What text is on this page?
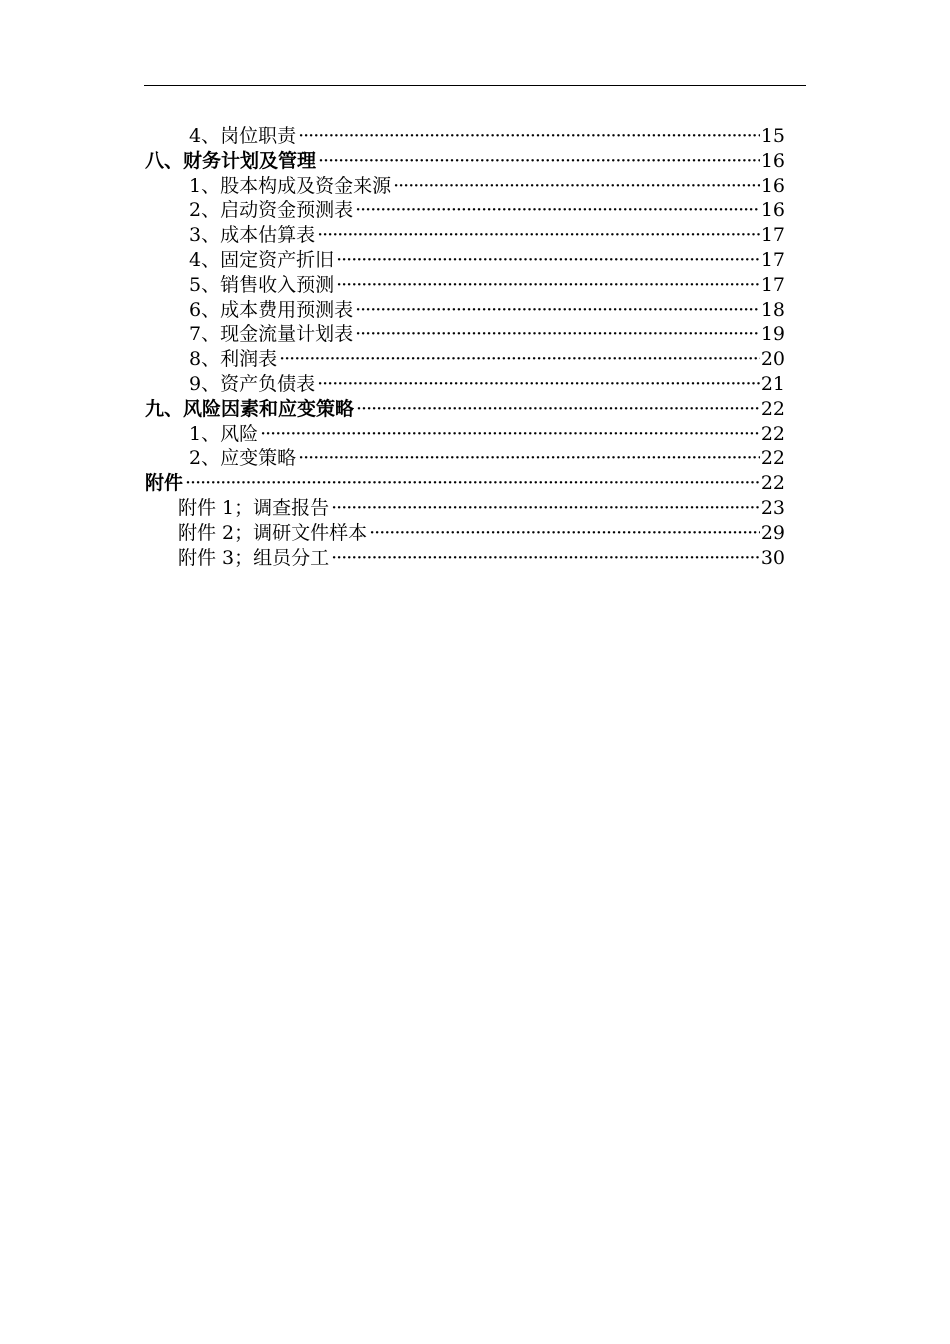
4、岗位职责 ·····	15
八、财务计划及管理 ·····	16
1、股本构成及资金来源 ·····	16
2、启动资金预测表 ·····	16
3、成本估算表 ·····	17
4、固定资产折旧 ·····	17
5、销售收入预测 ·····	17
6、成本费用预测表 ·····	18
7、现金流量计划表 ·····	19
8、利润表 ·····	20
9、资产负债表 ·····	21
九、风险因素和应变策略 ·····	22
1、风险 ·····	22
2、应变策略 ·····	22
附件 ·····	22
附件 1；调查报告 ·····	23
附件 2；调研文件样本 ·····	29
附件 3；组员分工 ·····	30
